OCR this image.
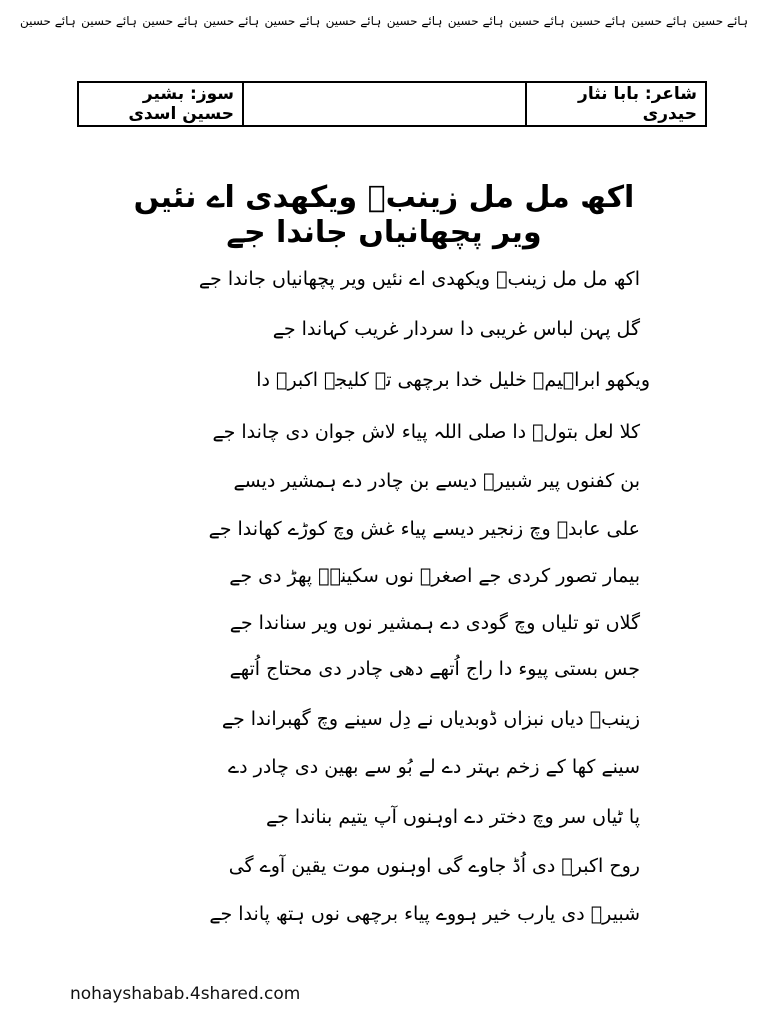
ہائے حسین ہائے حسین ہائے حسین ہائے حسین ہائے حسین ہائے حسین ہائے حسین ہائے حسین ہائے حسین ہائے حسین ہائے حسین ہائے حسین
شاعر: بابا نثار حیدری
سوز: بشیر حسین اسدی
اکھ مل مل زینبؑ ویکھدی اے نئیں ویر پچھانیاں جاندا جے
اکھ مل مل زینبؑ ویکھدی اے نئیں ویر پچھانیاں جاندا جے
گل پہن لباس غریبی دا سردار غریب کہاندا جے
ویکھو ابراہیمؑ خلیل خدا برچھی تے کلیجہ اکبرؑ دا
کلا لعل بتولؑ دا صلی اللہ پیاء لاش جوان دی چاندا جے
بن کفنوں پیر شبیرؑ دیسے بن چادر دے ہمشیر دیسے
علی عابدؑ وچ زنجیر دیسے پیاء غش وچ کوڑے کھاندا جے
بیمار تصور کردی جے اصغرؑ نوں سکینہؑ پھڑ دی جے
گلاں تو تلیاں وچ گودی دے ہمشیر نوں ویر سناندا جے
جس بستی پیوء دا راج اُتھے دھی چادر دی محتاج اُتھے
زینبؑ دیاں نبزاں ڈوبدیاں نے دِل سینے وچ گھبراندا جے
سینے کھا کے زخم بہتر دے لے بُو سے بھین دی چادر دے
پا ٹیاں سر وچ دختر دے اوہنوں آپ یتیم بناندا جے
روح اکبرؑ دی اُڈ جاوے گی اوہنوں موت یقین آوے گی
شبیرؑ دی یارب خیر ہووے پیاء برچھی نوں ہتھ پاندا جے
nohayshabab.4shared.com
